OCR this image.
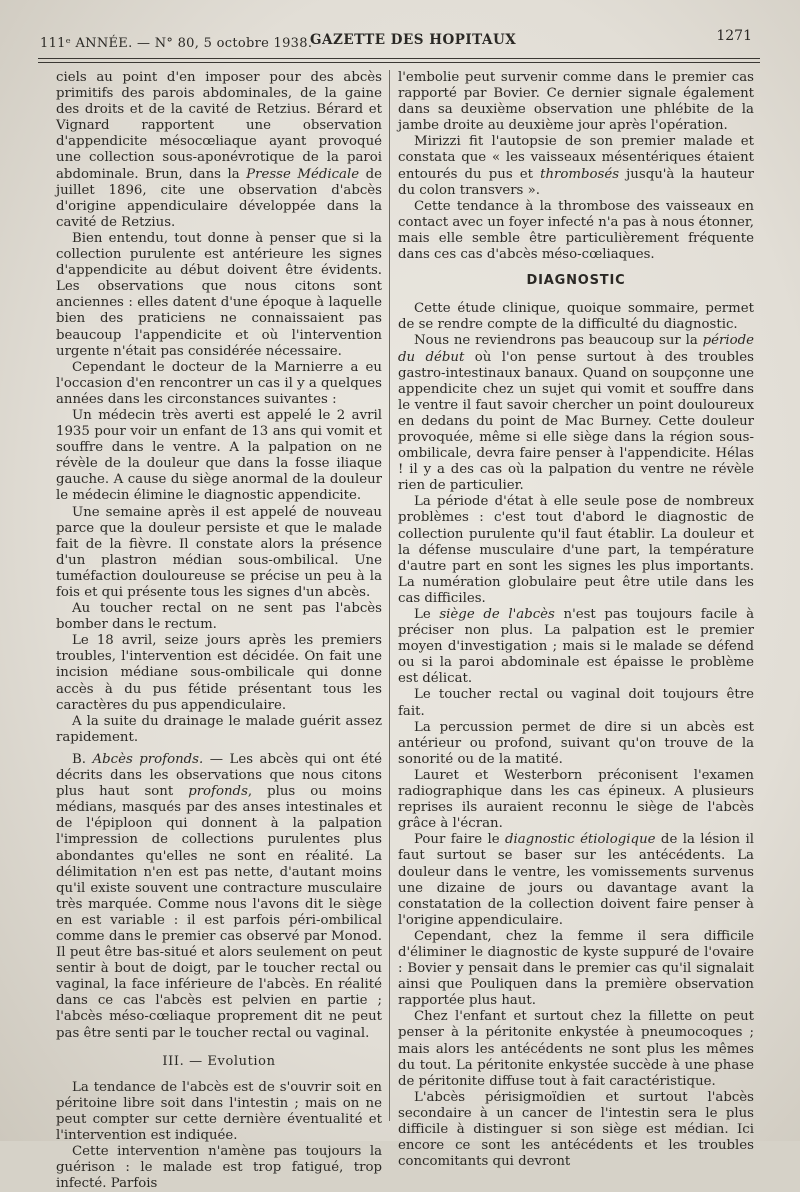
111ᵉ ANNÉE. — N° 80, 5 octobre 1938.
GAZETTE DES HOPITAUX	1271

ciels au point d'en imposer pour des abcès primitifs des parois abdominales, de la gaine des droits et de la cavité de Retzius. Bérard et Vignard rapportent une observation d'appendicite mésocœliaque ayant provoqué une collection sous-aponévrotique de la paroi abdominale. Brun, dans la Presse Médicale de juillet 1896, cite une observation d'abcès d'origine appendiculaire développée dans la cavité de Retzius.

Bien entendu, tout donne à penser que si la collection purulente est antérieure les signes d'appendicite au début doivent être évidents. Les observations que nous citons sont anciennes : elles datent d'une époque à laquelle bien des praticiens ne connaissaient pas beaucoup l'appendicite et où l'intervention urgente n'était pas considérée nécessaire.

Cependant le docteur de la Marnierre a eu l'occasion d'en rencontrer un cas il y a quelques années dans les circonstances suivantes :

Un médecin très averti est appelé le 2 avril 1935 pour voir un enfant de 13 ans qui vomit et souffre dans le ventre. A la palpation on ne révèle de la douleur que dans la fosse iliaque gauche. A cause du siège anormal de la douleur le médecin élimine le diagnostic appendicite.

Une semaine après il est appelé de nouveau parce que la douleur persiste et que le malade fait de la fièvre. Il constate alors la présence d'un plastron médian sous-ombilical. Une tuméfaction douloureuse se précise un peu à la fois et qui présente tous les signes d'un abcès.

Au toucher rectal on ne sent pas l'abcès bomber dans le rectum.

Le 18 avril, seize jours après les premiers troubles, l'intervention est décidée. On fait une incision médiane sous-ombilicale qui donne accès à du pus fétide présentant tous les caractères du pus appendiculaire.

A la suite du drainage le malade guérit assez rapidement.

B. Abcès profonds. — Les abcès qui ont été décrits dans les observations que nous citons plus haut sont profonds, plus ou moins médians, masqués par des anses intestinales et de l'épiploon qui donnent à la palpation l'impression de collections purulentes plus abondantes qu'elles ne sont en réalité. La délimitation n'en est pas nette, d'autant moins qu'il existe souvent une contracture musculaire très marquée. Comme nous l'avons dit le siège en est variable : il est parfois péri-ombilical comme dans le premier cas observé par Monod. Il peut être bas-situé et alors seulement on peut sentir à bout de doigt, par le toucher rectal ou vaginal, la face inférieure de l'abcès. En réalité dans ce cas l'abcès est pelvien en partie ; l'abcès méso-cœliaque proprement dit ne peut pas être senti par le toucher rectal ou vaginal.

III. — Evolution

La tendance de l'abcès est de s'ouvrir soit en péritoine libre soit dans l'intestin ; mais on ne peut compter sur cette dernière éventualité et l'intervention est indiquée.

Cette intervention n'amène pas toujours la guérison : le malade est trop fatigué, trop infecté. Parfois

l'embolie peut survenir comme dans le premier cas rapporté par Bovier. Ce dernier signale également dans sa deuxième observation une phlébite de la jambe droite au deuxième jour après l'opération.

Mirizzi fit l'autopsie de son premier malade et constata que « les vaisseaux mésentériques étaient entourés du pus et thrombosés jusqu'à la hauteur du colon transvers ».

Cette tendance à la thrombose des vaisseaux en contact avec un foyer infecté n'a pas à nous étonner, mais elle semble être particulièrement fréquente dans ces cas d'abcès méso-cœliaques.

DIAGNOSTIC

Cette étude clinique, quoique sommaire, permet de se rendre compte de la difficulté du diagnostic.

Nous ne reviendrons pas beaucoup sur la période du début où l'on pense surtout à des troubles gastro-intestinaux banaux. Quand on soupçonne une appendicite chez un sujet qui vomit et souffre dans le ventre il faut savoir chercher un point douloureux en dedans du point de Mac Burney. Cette douleur provoquée, même si elle siège dans la région sous-ombilicale, devra faire penser à l'appendicite. Hélas ! il y a des cas où la palpation du ventre ne révèle rien de particulier.

La période d'état à elle seule pose de nombreux problèmes : c'est tout d'abord le diagnostic de collection purulente qu'il faut établir. La douleur et la défense musculaire d'une part, la température d'autre part en sont les signes les plus importants. La numération globulaire peut être utile dans les cas difficiles.

Le siège de l'abcès n'est pas toujours facile à préciser non plus. La palpation est le premier moyen d'investigation ; mais si le malade se défend ou si la paroi abdominale est épaisse le problème est délicat.

Le toucher rectal ou vaginal doit toujours être fait.

La percussion permet de dire si un abcès est antérieur ou profond, suivant qu'on trouve de la sonorité ou de la matité.

Lauret et Westerborn préconisent l'examen radiographique dans les cas épineux. A plusieurs reprises ils auraient reconnu le siège de l'abcès grâce à l'écran.

Pour faire le diagnostic étiologique de la lésion il faut surtout se baser sur les antécédents. La douleur dans le ventre, les vomissements survenus une dizaine de jours ou davantage avant la constatation de la collection doivent faire penser à l'origine appendiculaire.

Cependant, chez la femme il sera difficile d'éliminer le diagnostic de kyste suppuré de l'ovaire : Bovier y pensait dans le premier cas qu'il signalait ainsi que Pouliquen dans la première observation rapportée plus haut.

Chez l'enfant et surtout chez la fillette on peut penser à la péritonite enkystée à pneumocoques ; mais alors les antécédents ne sont plus les mêmes du tout. La péritonite enkystée succède à une phase de péritonite diffuse tout à fait caractéristique.

L'abcès périsigmoïdien et surtout l'abcès secondaire à un cancer de l'intestin sera le plus difficile à distinguer si son siège est médian. Ici encore ce sont les antécédents et les troubles concomitants qui devront
